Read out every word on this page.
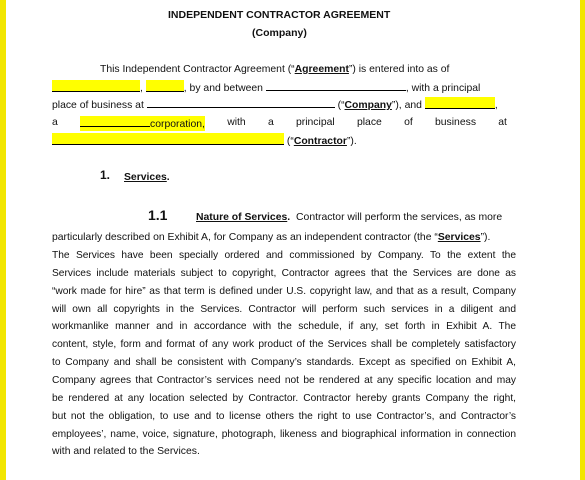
INDEPENDENT CONTRACTOR AGREEMENT
(Company)
This Independent Contractor Agreement (“Agreement”) is entered into as of
,	, by and between	, with a principal
place of business at	(“Company”), and	,
a	corporation, with a principal place of business at
(“Contractor”).
1. Services.
1.1	Nature of Services. Contractor will perform the services, as more
particularly described on Exhibit A, for Company as an independent contractor (the “Services”).
The Services have been specially ordered and commissioned by Company. To the extent the
Services include materials subject to copyright, Contractor agrees that the Services are done as
“work made for hire” as that term is defined under U.S. copyright law, and that as a result, Company
will own all copyrights in the Services. Contractor will perform such services in a diligent and
workmanlike manner and in accordance with the schedule, if any, set forth in Exhibit A. The
content, style, form and format of any work product of the Services shall be completely satisfactory
to Company and shall be consistent with Company’s standards. Except as specified on Exhibit A,
Company agrees that Contractor’s services need not be rendered at any specific location and may
be rendered at any location selected by Contractor. Contractor hereby grants Company the right,
but not the obligation, to use and to license others the right to use Contractor’s, and Contractor’s
employees’, name, voice, signature, photograph, likeness and biographical information in connection
with and related to the Services.
